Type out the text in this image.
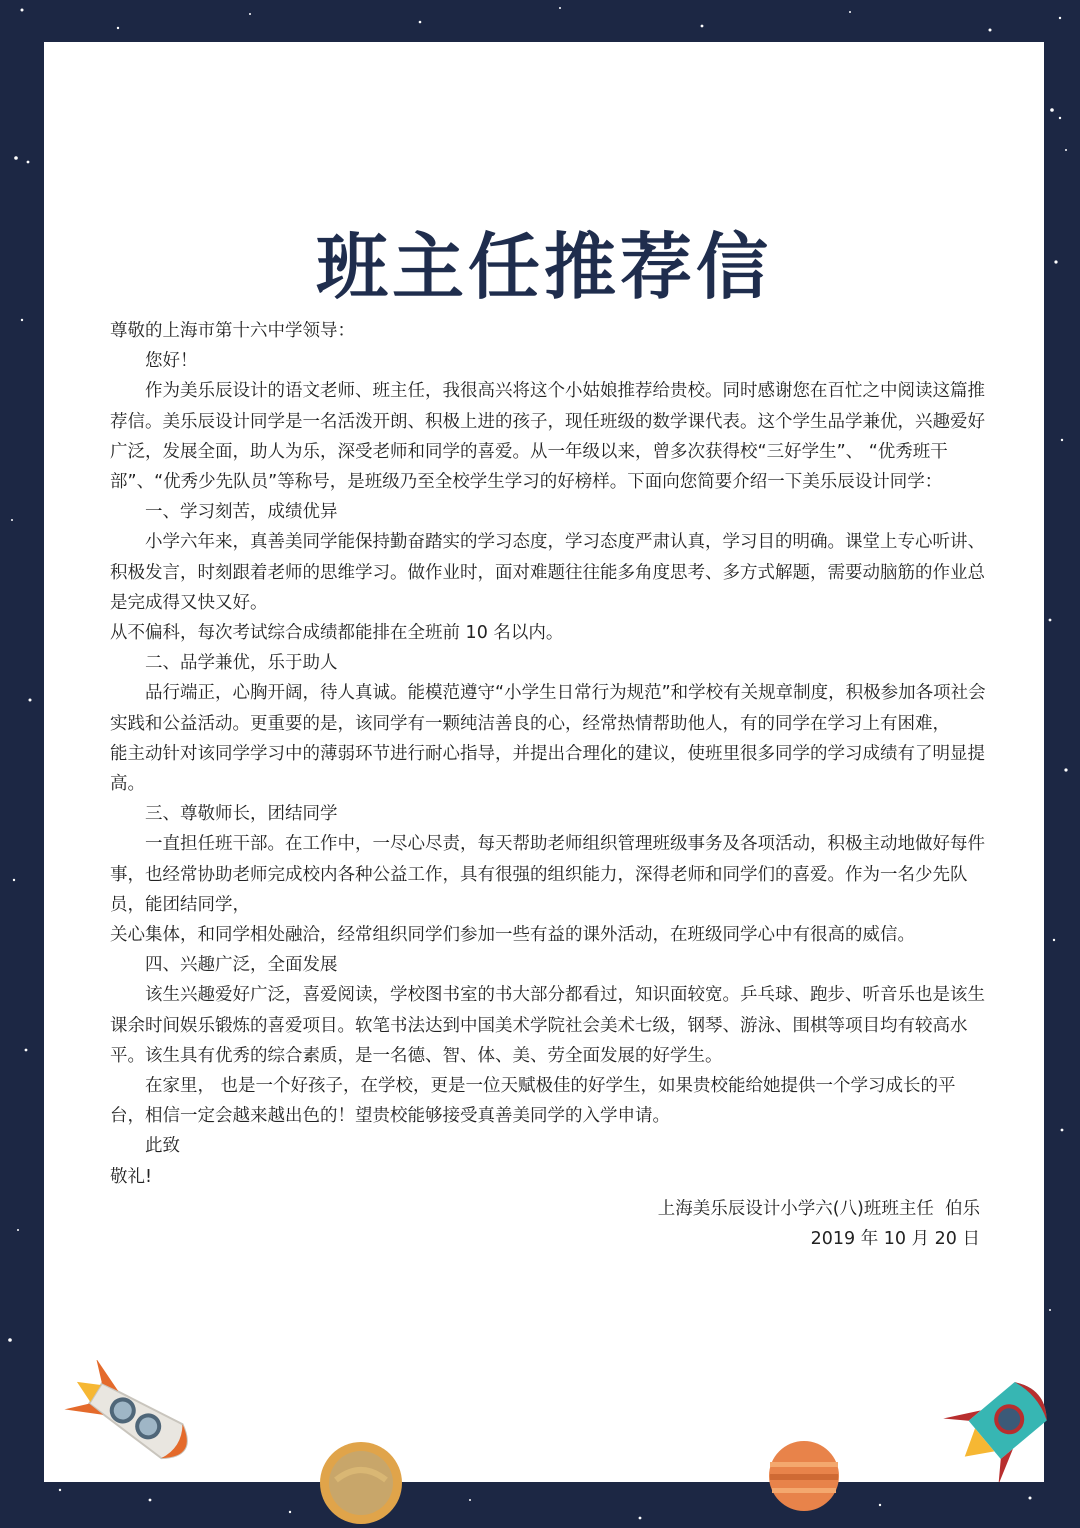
班主任推荐信

尊敬的上海市第十六中学领导：

您好！

作为美乐辰设计的语文老师、班主任，我很高兴将这个小姑娘推荐给贵校。同时感谢您在百忙之中阅读这篇推荐信。美乐辰设计同学是一名活泼开朗、积极上进的孩子，现任班级的数学课代表。这个学生品学兼优，兴趣爱好广泛，发展全面，助人为乐，深受老师和同学的喜爱。从一年级以来，曾多次获得校“三好学生”、 “优秀班干部”、“优秀少先队员”等称号，是班级乃至全校学生学习的好榜样。下面向您简要介绍一下美乐辰设计同学：

一、学习刻苦，成绩优异

小学六年来，真善美同学能保持勤奋踏实的学习态度，学习态度严肃认真，学习目的明确。课堂上专心听讲、积极发言，时刻跟着老师的思维学习。做作业时，面对难题往往能多角度思考、多方式解题，需要动脑筋的作业总是完成得又快又好。

从不偏科，每次考试综合成绩都能排在全班前 10 名以内。

二、品学兼优，乐于助人

品行端正，心胸开阔，待人真诚。能模范遵守“小学生日常行为规范”和学校有关规章制度，积极参加各项社会实践和公益活动。更重要的是，该同学有一颗纯洁善良的心，经常热情帮助他人，有的同学在学习上有困难，

能主动针对该同学学习中的薄弱环节进行耐心指导，并提出合理化的建议，使班里很多同学的学习成绩有了明显提高。

三、尊敬师长，团结同学

一直担任班干部。在工作中，一尽心尽责，每天帮助老师组织管理班级事务及各项活动，积极主动地做好每件事，也经常协助老师完成校内各种公益工作，具有很强的组织能力，深得老师和同学们的喜爱。作为一名少先队员，能团结同学，

关心集体，和同学相处融洽，经常组织同学们参加一些有益的课外活动，在班级同学心中有很高的威信。

四、兴趣广泛，全面发展

该生兴趣爱好广泛，喜爱阅读，学校图书室的书大部分都看过，知识面较宽。乒乓球、跑步、听音乐也是该生课余时间娱乐锻炼的喜爱项目。软笔书法达到中国美术学院社会美术七级，钢琴、游泳、围棋等项目均有较高水平。该生具有优秀的综合素质，是一名德、智、体、美、劳全面发展的好学生。

在家里， 也是一个好孩子，在学校，更是一位天赋极佳的好学生，如果贵校能给她提供一个学习成长的平台，相信一定会越来越出色的！望贵校能够接受真善美同学的入学申请。

此致

敬礼!

上海美乐辰设计小学六(八)班班主任  伯乐

2019 年 10 月 20 日
